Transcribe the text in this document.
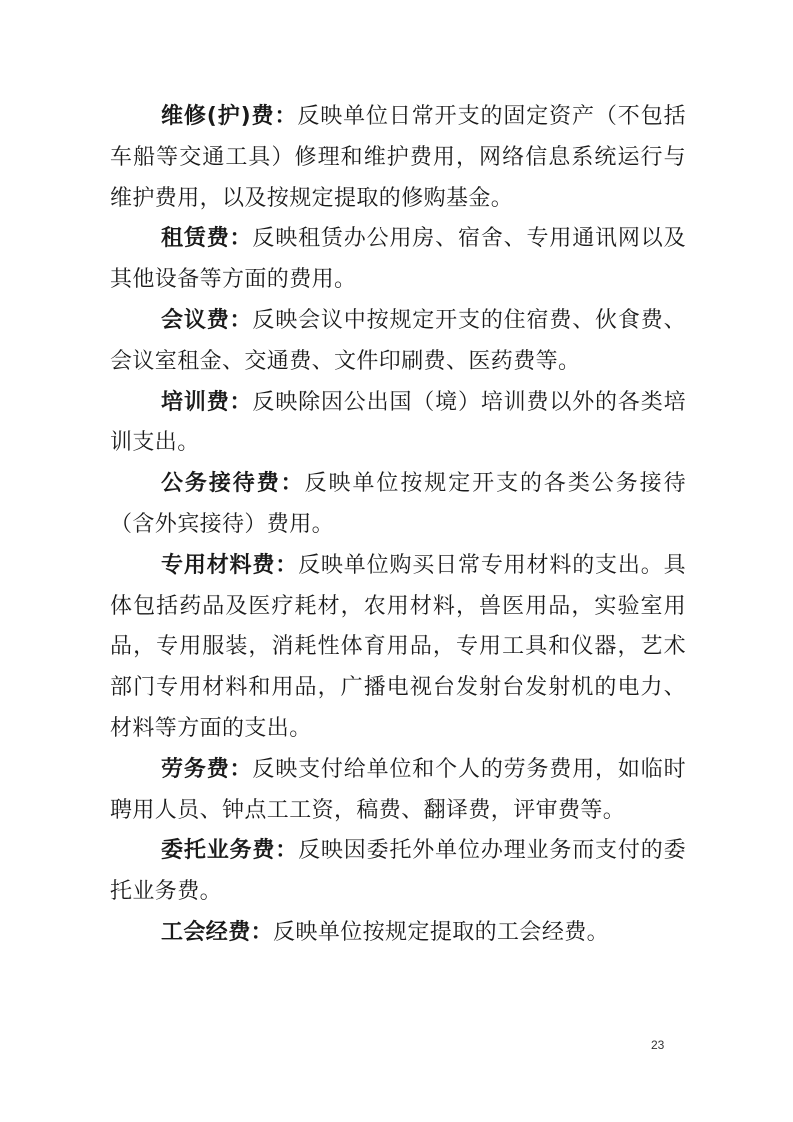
维修(护)费：反映单位日常开支的固定资产（不包括车船等交通工具）修理和维护费用，网络信息系统运行与维护费用，以及按规定提取的修购基金。

租赁费：反映租赁办公用房、宿舍、专用通讯网以及其他设备等方面的费用。

会议费：反映会议中按规定开支的住宿费、伙食费、会议室租金、交通费、文件印刷费、医药费等。

培训费：反映除因公出国（境）培训费以外的各类培训支出。

公务接待费：反映单位按规定开支的各类公务接待（含外宾接待）费用。

专用材料费：反映单位购买日常专用材料的支出。具体包括药品及医疗耗材，农用材料，兽医用品，实验室用品，专用服装，消耗性体育用品，专用工具和仪器，艺术部门专用材料和用品，广播电视台发射台发射机的电力、材料等方面的支出。

劳务费：反映支付给单位和个人的劳务费用，如临时聘用人员、钟点工工资，稿费、翻译费，评审费等。

委托业务费：反映因委托外单位办理业务而支付的委托业务费。

工会经费：反映单位按规定提取的工会经费。

23
